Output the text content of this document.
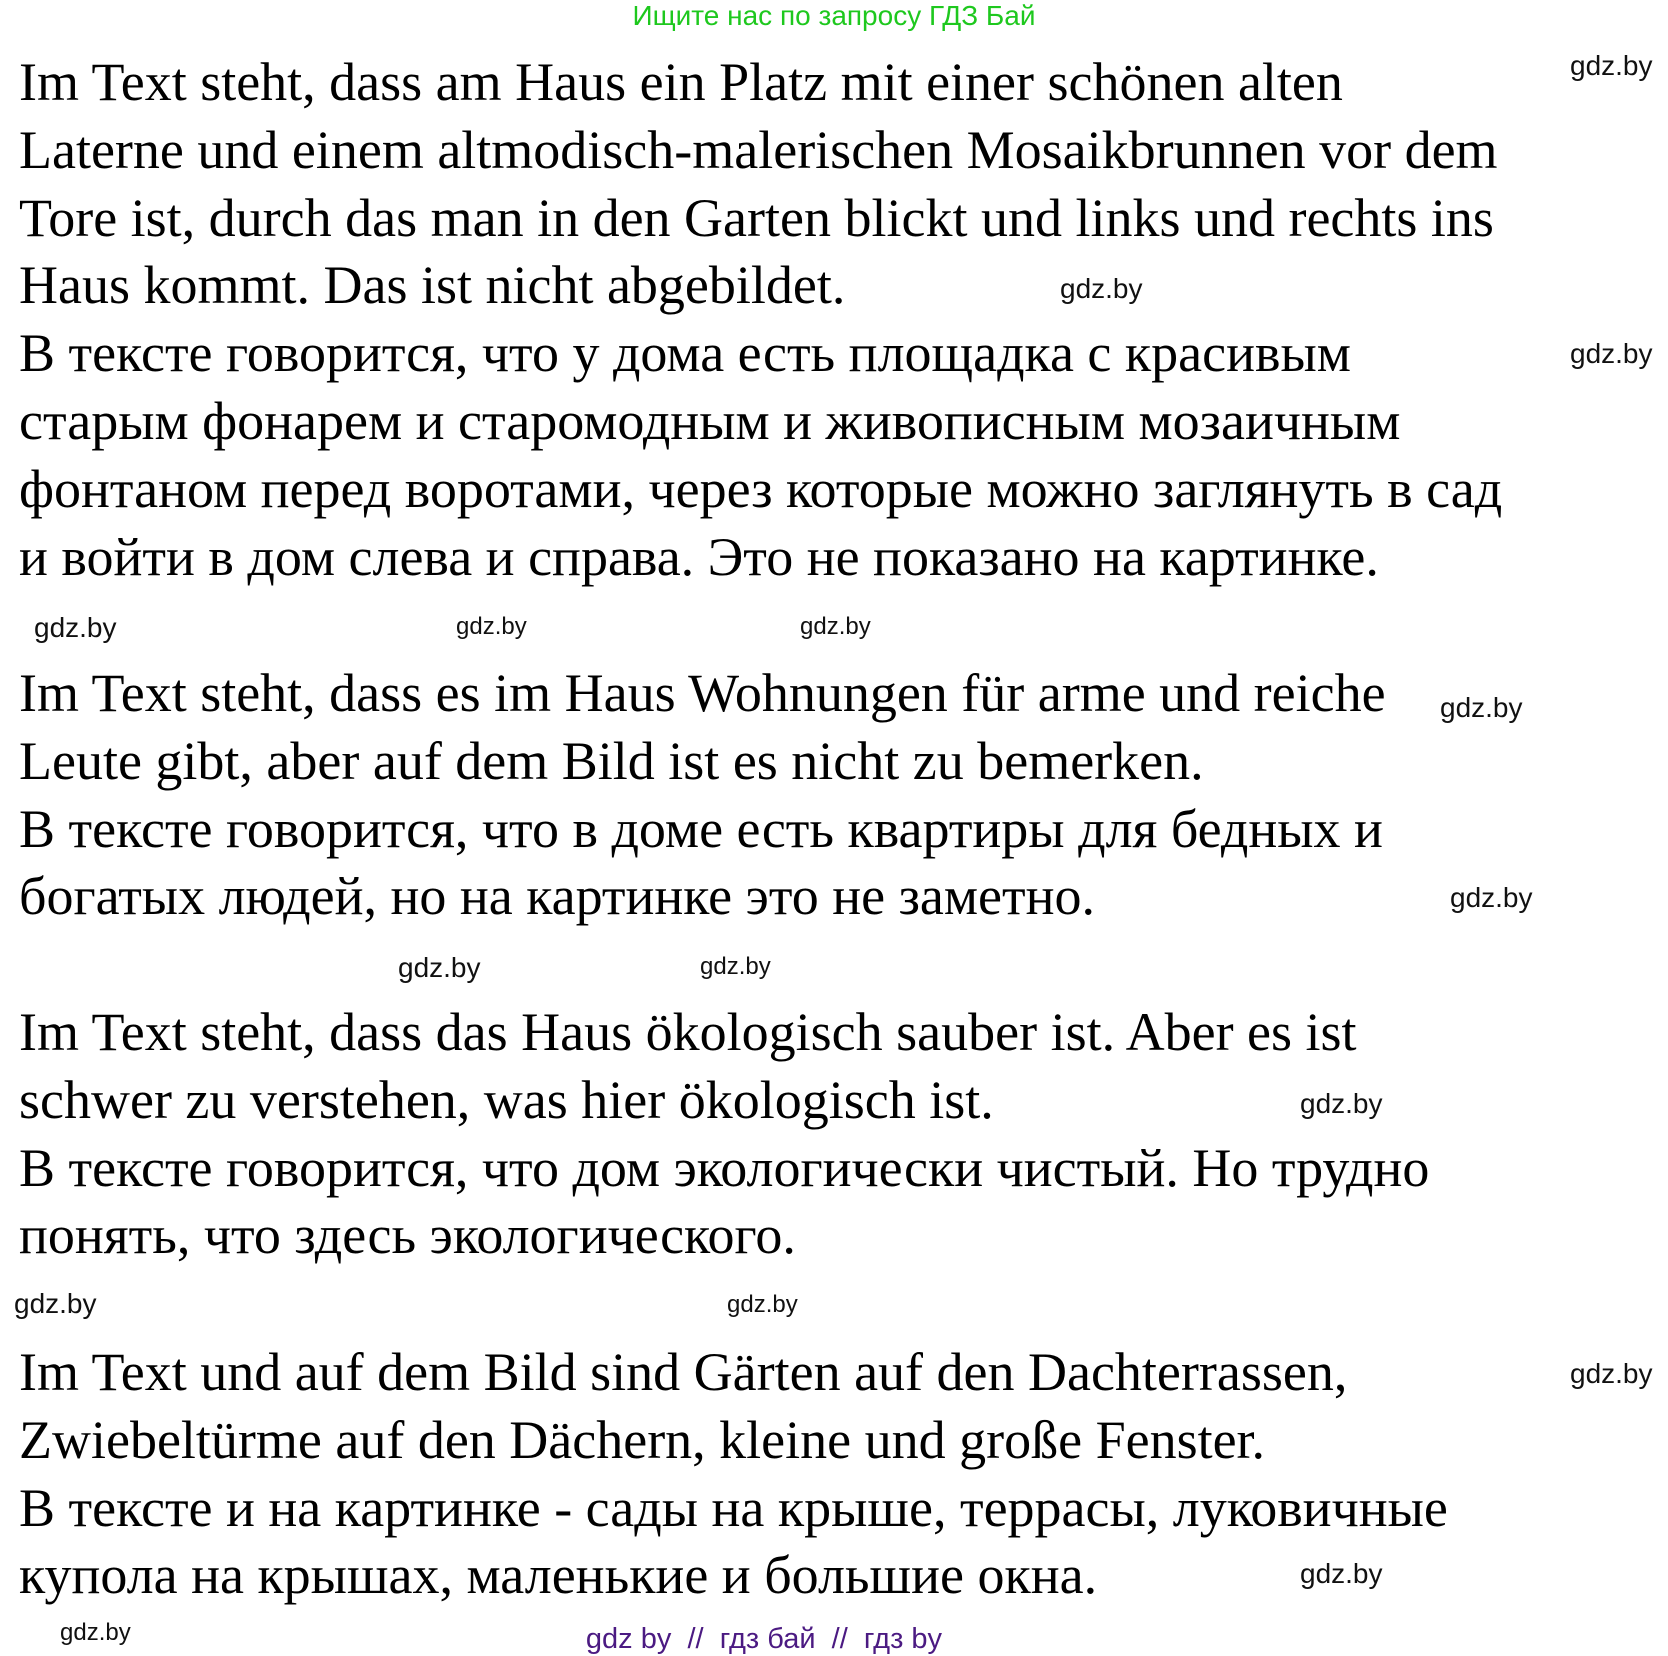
Ищите нас по запросу ГДЗ Бай
Im Text steht, dass am Haus ein Platz mit einer schönen alten
Laterne und einem altmodisch-malerischen Mosaikbrunnen vor dem
Tore ist, durch das man in den Garten blickt und links und rechts ins
Haus kommt. Das ist nicht abgebildet.
В тексте говорится, что у дома есть площадка с красивым
старым фонарем и старомодным и живописным мозаичным
фонтаном перед воротами, через которые можно заглянуть в сад
и войти в дом слева и справа. Это не показано на картинке.
Im Text steht, dass es im Haus Wohnungen für arme und reiche
Leute gibt, aber auf dem Bild ist es nicht zu bemerken.
В тексте говорится, что в доме есть квартиры для бедных и
богатых людей, но на картинке это не заметно.
Im Text steht, dass das Haus ökologisch sauber ist. Aber es ist
schwer zu verstehen, was hier ökologisch ist.
В тексте говорится, что дом экологически чистый. Но трудно
понять, что здесь экологического.
Im Text und auf dem Bild sind Gärten auf den Dachterrassen,
Zwiebeltürme auf den Dächern, kleine und große Fenster.
В тексте и на картинке - сады на крыше, террасы, луковичные
купола на крышах, маленькие и большие окна.
gdz.by
gdz.by
gdz.by
gdz.by
gdz.by
gdz.by
gdz.by
gdz.by
gdz.by
gdz.by
gdz.by
gdz.by
gdz.by
gdz.by
gdz.by
gdz.by
gdz by  //  гдз бай  //  гдз by
